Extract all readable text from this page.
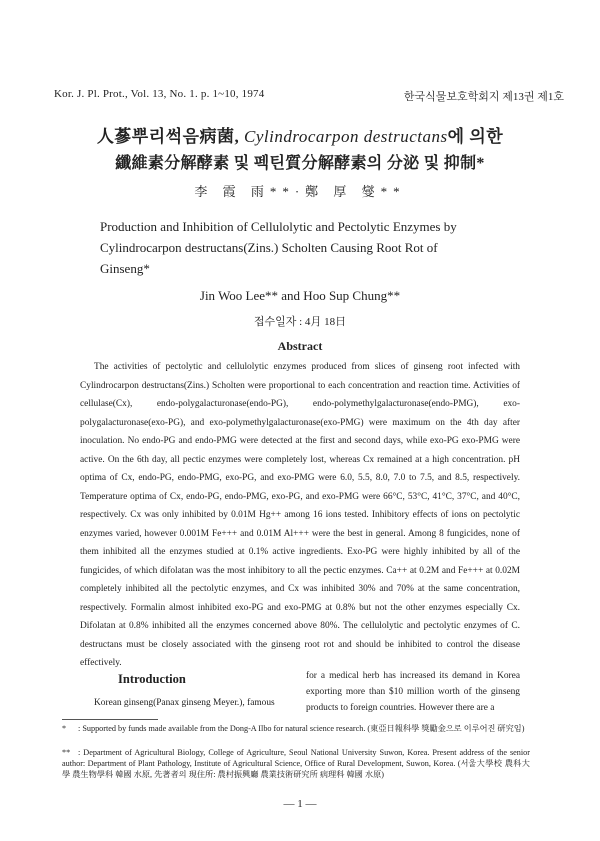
Kor. J. Pl. Prot., Vol. 13, No. 1. p. 1~10, 1974	한국식물보호학회지 제13권 제1호
人蔘뿌리썩음病菌, Cylindrocarpon destructans에 의한
纖維素分解酵素 및 펙틴質分解酵素의 分泌 및 抑制*
李 霞 雨**·鄭 厚 燮**
Production and Inhibition of Cellulolytic and Pectolytic Enzymes by
Cylindrocarpon destructans(Zins.) Scholten Causing Root Rot of
Ginseng*
Jin Woo Lee** and Hoo Sup Chung**
접수일자 : 4月 18日
Abstract

The activities of pectolytic and cellulolytic enzymes produced from slices of ginseng root infected with Cylindrocarpon destructans(Zins.) Scholten were proportional to each concentration and reaction time. Activities of cellulase(Cx), endo-polygalacturonase(endo-PG), endo-polymethylgalacturonase(endo-PMG), exo-polygalacturonase(exo-PG), and exo-polymethylgalacturonase(exo-PMG) were maximum on the 4th day after inoculation. No endo-PG and endo-PMG were detected at the first and second days, while exo-PG exo-PMG were active. On the 6th day, all pectic enzymes were completely lost, whereas Cx remained at a high concentration. pH optima of Cx, endo-PG, endo-PMG, exo-PG, and exo-PMG were 6.0, 5.5, 8.0, 7.0 to 7.5, and 8.5, respectively. Temperature optima of Cx, endo-PG, endo-PMG, exo-PG, and exo-PMG were 66°C, 53°C, 41°C, 37°C, and 40°C, respectively. Cx was only inhibited by 0.01M Hg++ among 16 ions tested. Inhibitory effects of ions on pectolytic enzymes varied, however 0.001M Fe+++ and 0.01M Al+++ were the best in general. Among 8 fungicides, none of them inhibited all the enzymes studied at 0.1% active ingredients. Exo-PG were highly inhibited by all of the fungicides, of which difolatan was the most inhibitory to all the pectic enzymes. Ca++ at 0.2M and Fe+++ at 0.02M completely inhibited all the pectolytic enzymes, and Cx was inhibited 30% and 70% at the same concentration, respectively. Formalin almost inhibited exo-PG and exo-PMG at 0.8% but not the other enzymes especially Cx. Difolatan at 0.8% inhibited all the enzymes concerned above 80%. The cellulolytic and pectolytic enzymes of C. destructans must be closely associated with the ginseng root rot and should be inhibited to control the disease effectively.

Introduction
Korean ginseng(Panax ginseng Meyer.), famous
for a medical herb has increased its demand in Korea exporting more than $10 million worth of the ginseng products to foreign countries. However there are a
* : Supported by funds made available from the Dong-A Ilbo for natural science research. (東亞日報科學 獎勵金으로 이루어진 研究임)
** : Department of Agricultural Biology, College of Agriculture, Seoul National University Suwon, Korea. Present address of the senior author: Department of Plant Pathology, Institute of Agricultural Science, Office of Rural Development, Suwon, Korea. (서울大學校 農科大學 農生物學科 韓國 水原, 先著者의 現住所: 農村振興廳 農業技術研究所 病理科 韓國 水原)
— 1 —
